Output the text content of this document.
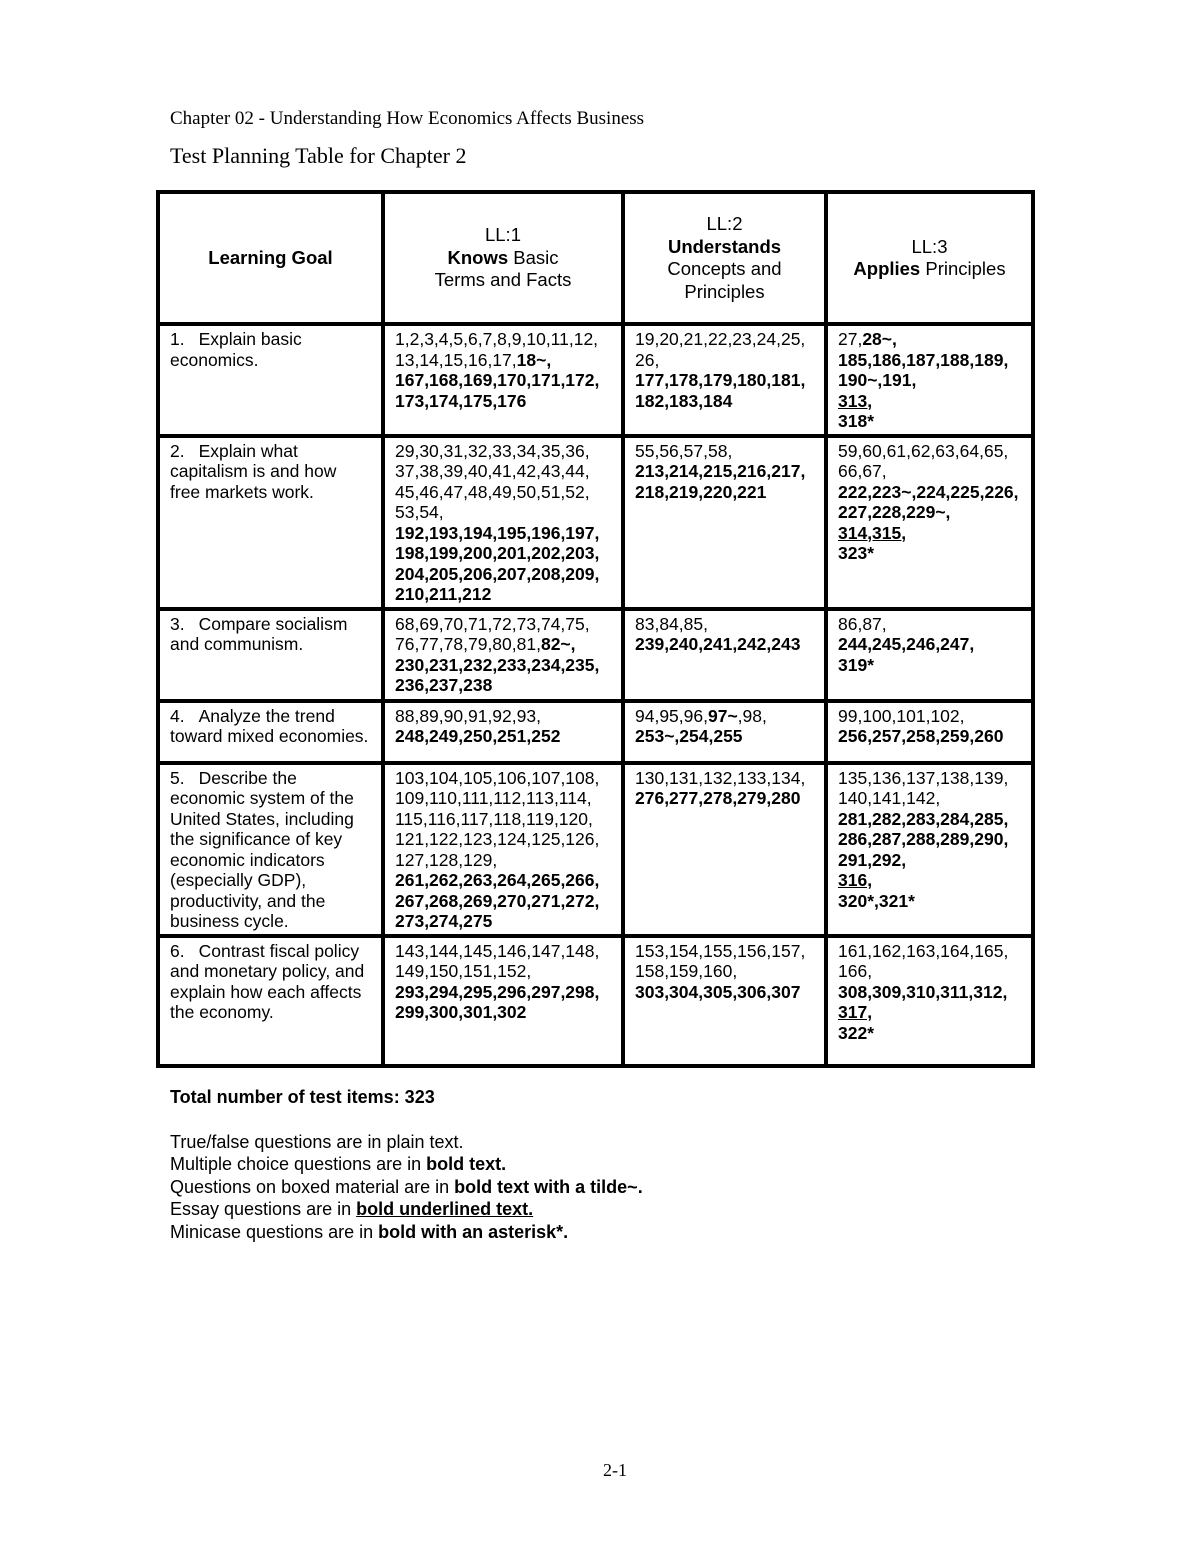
Chapter 02 - Understanding How Economics Affects Business
Test Planning Table for Chapter 2
Learning Goal	LL:1
Knows Basic
Terms and Facts	LL:2
Understands
Concepts and
Principles	LL:3
Applies Principles

1. Explain basic economics.	1,2,3,4,5,6,7,8,9,10,11,12, 13,14,15,16,17,18~, 167,168,169,170,171,172, 173,174,175,176	19,20,21,22,23,24,25, 26, 177,178,179,180,181, 182,183,184	27,28~, 185,186,187,188,189, 190~,191,
313,
318*
2. Explain what capitalism is and how free markets work.	29,30,31,32,33,34,35,36, 37,38,39,40,41,42,43,44, 45,46,47,48,49,50,51,52, 53,54, 192,193,194,195,196,197, 198,199,200,201,202,203, 204,205,206,207,208,209, 210,211,212	55,56,57,58, 213,214,215,216,217, 218,219,220,221	59,60,61,62,63,64,65, 66,67, 222,223~,224,225,226, 227,228,229~,
314,315,
323*
3. Compare socialism and communism.	68,69,70,71,72,73,74,75, 76,77,78,79,80,81,82~, 230,231,232,233,234,235, 236,237,238	83,84,85, 239,240,241,242,243	86,87, 244,245,246,247,
319*
4. Analyze the trend toward mixed economies.	88,89,90,91,92,93, 248,249,250,251,252	94,95,96,97~,98, 253~,254,255	99,100,101,102, 256,257,258,259,260
5. Describe the economic system of the United States, including the significance of key economic indicators (especially GDP), productivity, and the business cycle.	103,104,105,106,107,108, 109,110,111,112,113,114, 115,116,117,118,119,120, 121,122,123,124,125,126, 127,128,129, 261,262,263,264,265,266, 267,268,269,270,271,272, 273,274,275	130,131,132,133,134, 276,277,278,279,280	135,136,137,138,139, 140,141,142, 281,282,283,284,285, 286,287,288,289,290, 291,292,
316,
320*,321*
6. Contrast fiscal policy and monetary policy, and explain how each affects the economy.	143,144,145,146,147,148, 149,150,151,152, 293,294,295,296,297,298, 299,300,301,302	153,154,155,156,157, 158,159,160, 303,304,305,306,307	161,162,163,164,165, 166, 308,309,310,311,312,
317,
322*
Total number of test items: 323
True/false questions are in plain text.
Multiple choice questions are in bold text.
Questions on boxed material are in bold text with a tilde~.
Essay questions are in bold underlined text.
Minicase questions are in bold with an asterisk*.
2-1
